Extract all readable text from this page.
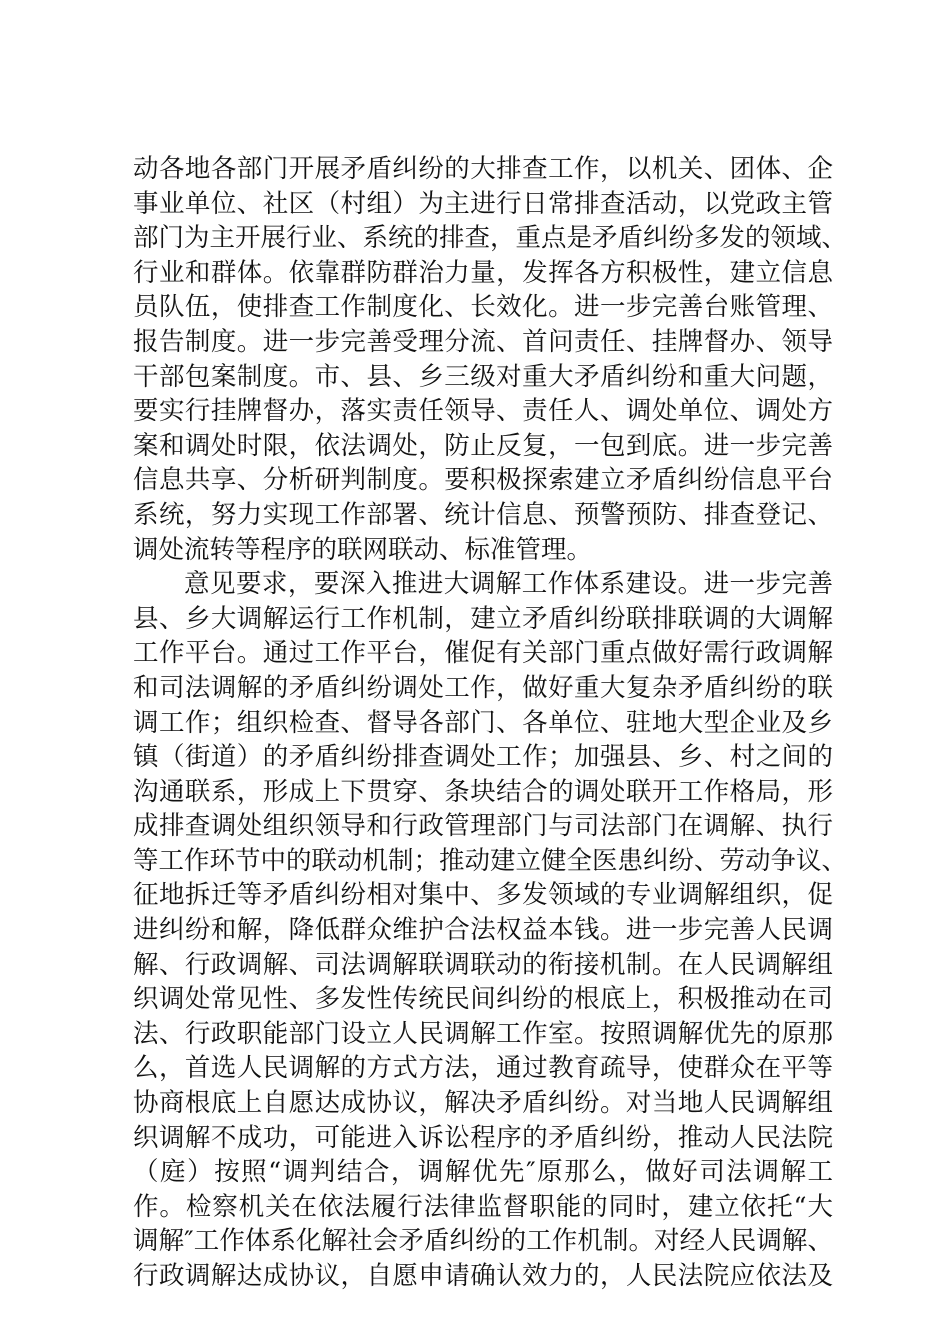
动各地各部门开展矛盾纠纷的大排查工作，以机关、团体、企
事业单位、社区（村组）为主进行日常排查活动，以党政主管
部门为主开展行业、系统的排查，重点是矛盾纠纷多发的领域、
行业和群体。依靠群防群治力量，发挥各方积极性，建立信息
员队伍，使排查工作制度化、长效化。进一步完善台账管理、
报告制度。进一步完善受理分流、首问责任、挂牌督办、领导
干部包案制度。市、县、乡三级对重大矛盾纠纷和重大问题，
要实行挂牌督办，落实责任领导、责任人、调处单位、调处方
案和调处时限，依法调处，防止反复，一包到底。进一步完善
信息共享、分析研判制度。要积极探索建立矛盾纠纷信息平台
系统，努力实现工作部署、统计信息、预警预防、排查登记、
调处流转等程序的联网联动、标准管理。
意见要求，要深入推进大调解工作体系建设。进一步完善
县、乡大调解运行工作机制，建立矛盾纠纷联排联调的大调解
工作平台。通过工作平台，催促有关部门重点做好需行政调解
和司法调解的矛盾纠纷调处工作，做好重大复杂矛盾纠纷的联
调工作；组织检查、督导各部门、各单位、驻地大型企业及乡
镇（街道）的矛盾纠纷排查调处工作；加强县、乡、村之间的
沟通联系，形成上下贯穿、条块结合的调处联开工作格局，形
成排查调处组织领导和行政管理部门与司法部门在调解、执行
等工作环节中的联动机制；推动建立健全医患纠纷、劳动争议、
征地拆迁等矛盾纠纷相对集中、多发领域的专业调解组织，促
进纠纷和解，降低群众维护合法权益本钱。进一步完善人民调
解、行政调解、司法调解联调联动的衔接机制。在人民调解组
织调处常见性、多发性传统民间纠纷的根底上，积极推动在司
法、行政职能部门设立人民调解工作室。按照调解优先的原那
么，首选人民调解的方式方法，通过教育疏导，使群众在平等
协商根底上自愿达成协议，解决矛盾纠纷。对当地人民调解组
织调解不成功，可能进入诉讼程序的矛盾纠纷，推动人民法院
（庭）按照“调判结合，调解优先″原那么，做好司法调解工
作。检察机关在依法履行法律监督职能的同时，建立依托“大
调解″工作体系化解社会矛盾纠纷的工作机制。对经人民调解、
行政调解达成协议，自愿申请确认效力的，人民法院应依法及
